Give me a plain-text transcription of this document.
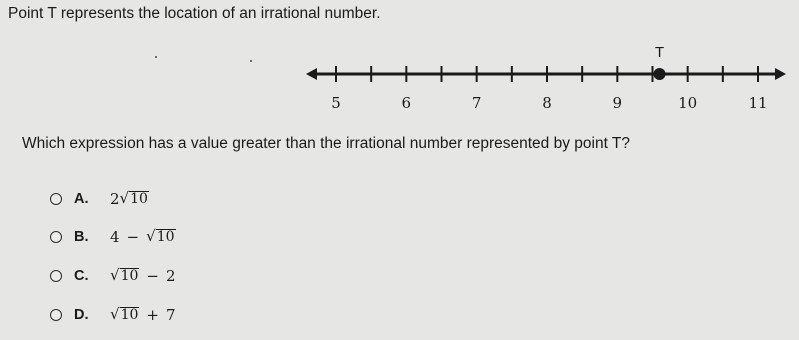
Point T represents the location of an irrational number.
5	6	7	8	9	10	11
T
Which expression has a value greater than the irrational number represented by point T?
A.	2 √ 10
B.	4 − √ 10
C.	√ 10 − 2
D.	√ 10 + 7
